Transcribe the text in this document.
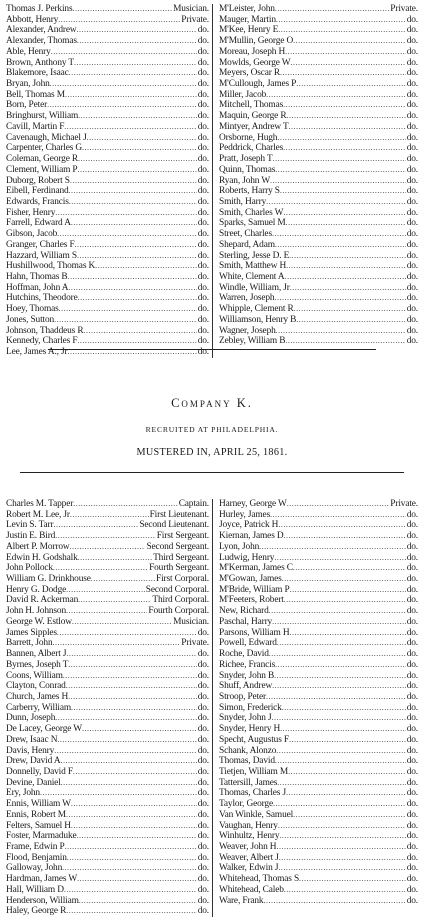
Thomas J. Perkins .....	Musician.
Abbott, Henry .....	Private.
Alexander, Andrew .....	do.
Alexander, Thomas .....	do.
Able, Henry .....	do.
Brown, Anthony T .....	do.
Blakemore, Isaac .....	do.
Bryan, John .....	do.
Bell, Thomas M .....	do.
Born, Peter .....	do.
Bringhurst, William .....	do.
Cavill, Martin F .....	do.
Cavenaugh, Michael J .....	do.
Carpenter, Charles G .....	do.
Coleman, George R .....	do.
Clement, William P .....	do.
Duborg, Robert S .....	do.
Eibell, Ferdinand .....	do.
Edwards, Francis .....	do.
Fisher, Henry .....	do.
Farrell, Edward A .....	do.
Gibson, Jacob .....	do.
Granger, Charles F .....	do.
Hazzard, William S .....	do.
Hushillwood, Thomas K .....	do.
Hahn, Thomas B .....	do.
Hoffman, John A .....	do.
Hutchins, Theodore .....	do.
Hoey, Thomas .....	do.
Jones, Sutton .....	do.
Johnson, Thaddeus R .....	do.
Kennedy, Charles F .....	do.
Lee, James A., Jr .....	do.
M'Leister, John .....	Private.
Mauger, Martin .....	do.
M'Kee, Henry E .....	do.
M'Mullin, George O .....	do.
Moreau, Joseph H .....	do.
Mowlds, George W .....	do.
Meyers, Oscar R .....	do.
M'Cullough, James P .....	do.
Miller, Jacob .....	do.
Mitchell, Thomas .....	do.
Maquin, George R .....	do.
Mintyer, Andrew T .....	do.
Orsborne, Hugh .....	do.
Peddrick, Charles .....	do.
Pratt, Joseph T .....	do.
Quinn, Thomas .....	do.
Ryan, John W .....	do.
Roberts, Harry S .....	do.
Smith, Harry .....	do.
Smith, Charles W .....	do.
Sparks, Samuel M .....	do.
Street, Charles .....	do.
Shepard, Adam .....	do.
Sterling, Jesse D. E .....	do.
Smith, Matthew H .....	do.
White, Clement A .....	do.
Windle, William, Jr .....	do.
Warren, Joseph .....	do.
Whipple, Clement R .....	do.
Williamson, Henry B .....	do.
Wagner, Joseph .....	do.
Zebley, William B .....	do.
Company K.
RECRUITED AT PHILADELPHIA.
MUSTERED IN, APRIL 25, 1861.
Charles M. Tapper .....	Captain.
Robert M. Lee, Jr .....	First Lieutenant.
Levin S. Tarr .....	Second Lieutenant.
Justin E. Bird .....	First Sergeant.
Albert P. Morrow .....	Second Sergeant.
Edwin H. Godshalk .....	Third Sergeant.
John Pollock .....	Fourth Sergeant.
William G. Drinkhouse .....	First Corporal.
Henry G. Dodge .....	Second Corporal.
David R. Ackerman .....	Third Corporal.
John H. Johnson .....	Fourth Corporal.
George W. Estlow .....	Musician.
James Sipples .....	do.
Barrett, John .....	Private.
Bannen, Albert J .....	do.
Byrnes, Joseph T .....	do.
Coons, William .....	do.
Clayton, Conrad .....	do.
Church, James H .....	do.
Carberry, William .....	do.
Dunn, Joseph .....	do.
De Lacey, George W .....	do.
Drew, Isaac N .....	do.
Davis, Henry .....	do.
Drew, David A .....	do.
Donnelly, David F .....	do.
Devine, Daniel .....	do.
Ery, John .....	do.
Ennis, William W .....	do.
Ennis, Robert M .....	do.
Felters, Samuel H .....	do.
Foster, Marmaduke .....	do.
Frame, Edwin P .....	do.
Flood, Benjamin .....	do.
Galloway, John .....	do.
Hardman, James W .....	do.
Hall, William D .....	do.
Henderson, William .....	do.
Haley, George R .....	do.
Harney, George W .....	Private.
Hurley, James .....	do.
Joyce, Patrick H .....	do.
Kiernan, James D .....	do.
Lyon, John .....	do.
Ludwig, Henry .....	do.
M'Kerman, James C .....	do.
M'Gowan, James .....	do.
M'Bride, William P .....	do.
M'Feeters, Robert .....	do.
New, Richard .....	do.
Paschal, Harry .....	do.
Parsons, William H .....	do.
Powell, Edward .....	do.
Roche, David .....	do.
Richee, Francis .....	do.
Snyder, John B .....	do.
Shuff, Andrew .....	do.
Stroop, Peter .....	do.
Simon, Frederick .....	do.
Snyder, John J .....	do.
Snyder, Henry H .....	do.
Specht, Augustus F .....	do.
Schank, Alonzo .....	do.
Thomas, David .....	do.
Tietjen, William M .....	do.
Tattersill, James .....	do.
Thomas, Charles J .....	do.
Taylor, George .....	do.
Van Winkle, Samuel .....	do.
Vaughan, Henry .....	do.
Winhultz, Henry .....	do.
Weaver, John H .....	do.
Weaver, Albert J .....	do.
Walker, Edwin J .....	do.
Whitehead, Thomas S .....	do.
Whitehead, Caleb .....	do.
Ware, Frank .....	do.
